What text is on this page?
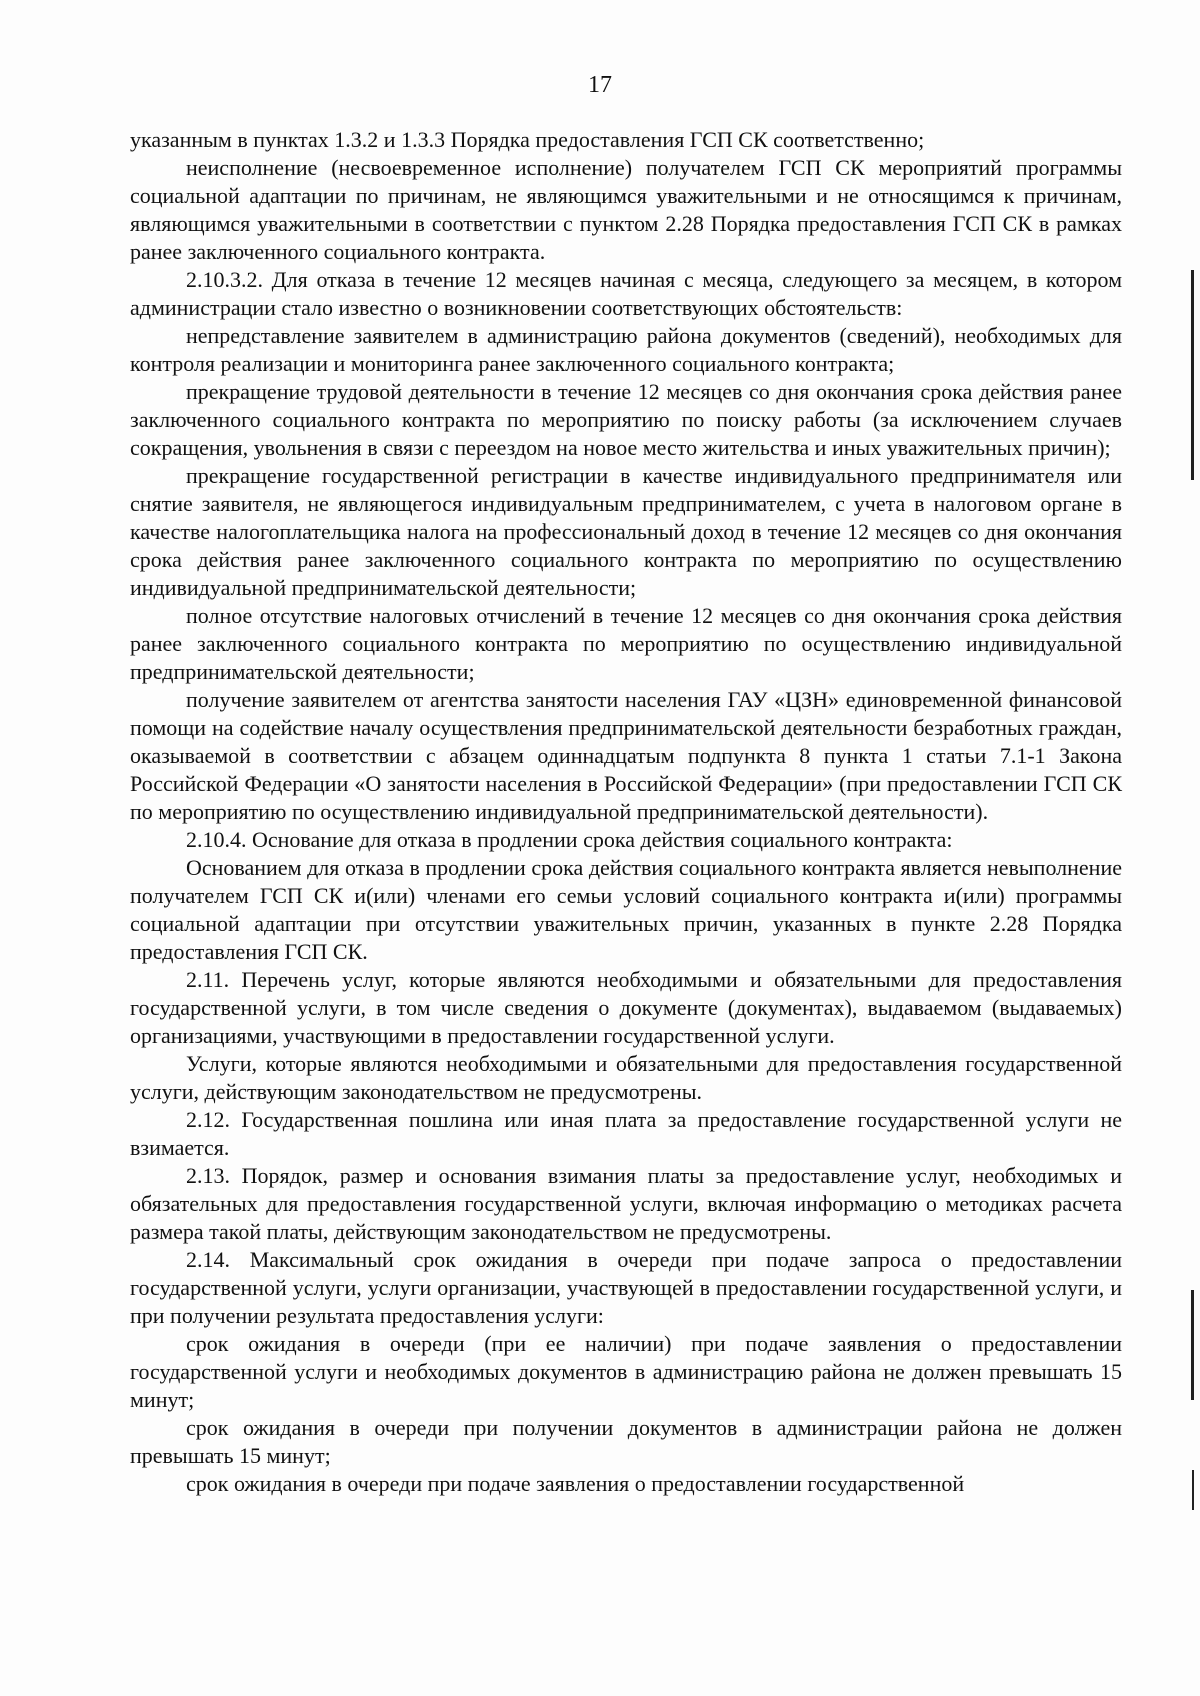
17

указанным в пунктах 1.3.2 и 1.3.3 Порядка предоставления ГСП СК соответственно;

неисполнение (несвоевременное исполнение) получателем ГСП СК мероприятий программы социальной адаптации по причинам, не являющимся уважительными и не относящимся к причинам, являющимся уважительными в соответствии с пунктом 2.28 Порядка предоставления ГСП СК в рамках ранее заключенного социального контракта.

2.10.3.2. Для отказа в течение 12 месяцев начиная с месяца, следующего за месяцем, в котором администрации стало известно о возникновении соответствующих обстоятельств:

непредставление заявителем в администрацию района документов (сведений), необходимых для контроля реализации и мониторинга ранее заключенного социального контракта;

прекращение трудовой деятельности в течение 12 месяцев со дня окончания срока действия ранее заключенного социального контракта по мероприятию по поиску работы (за исключением случаев сокращения, увольнения в связи с переездом на новое место жительства и иных уважительных причин);

прекращение государственной регистрации в качестве индивидуального предпринимателя или снятие заявителя, не являющегося индивидуальным предпринимателем, с учета в налоговом органе в качестве налогоплательщика налога на профессиональный доход в течение 12 месяцев со дня окончания срока действия ранее заключенного социального контракта по мероприятию по осуществлению индивидуальной предпринимательской деятельности;

полное отсутствие налоговых отчислений в течение 12 месяцев со дня окончания срока действия ранее заключенного социального контракта по мероприятию по осуществлению индивидуальной предпринимательской деятельности;

получение заявителем от агентства занятости населения ГАУ «ЦЗН» единовременной финансовой помощи на содействие началу осуществления предпринимательской деятельности безработных граждан, оказываемой в соответствии с абзацем одиннадцатым подпункта 8 пункта 1 статьи 7.1-1 Закона Российской Федерации «О занятости населения в Российской Федерации» (при предоставлении ГСП СК по мероприятию по осуществлению индивидуальной предпринимательской деятельности).

2.10.4. Основание для отказа в продлении срока действия социального контракта:

Основанием для отказа в продлении срока действия социального контракта является невыполнение получателем ГСП СК и(или) членами его семьи условий социального контракта и(или) программы социальной адаптации при отсутствии уважительных причин, указанных в пункте 2.28 Порядка предоставления ГСП СК.

2.11. Перечень услуг, которые являются необходимыми и обязательными для предоставления государственной услуги, в том числе сведения о документе (документах), выдаваемом (выдаваемых) организациями, участвующими в предоставлении государственной услуги.

Услуги, которые являются необходимыми и обязательными для предоставления государственной услуги, действующим законодательством не предусмотрены.

2.12. Государственная пошлина или иная плата за предоставление государственной услуги не взимается.

2.13. Порядок, размер и основания взимания платы за предоставление услуг, необходимых и обязательных для предоставления государственной услуги, включая информацию о методиках расчета размера такой платы, действующим законодательством не предусмотрены.

2.14. Максимальный срок ожидания в очереди при подаче запроса о предоставлении государственной услуги, услуги организации, участвующей в предоставлении государственной услуги, и при получении результата предоставления услуги:

срок ожидания в очереди (при ее наличии) при подаче заявления о предоставлении государственной услуги и необходимых документов в администрацию района не должен превышать 15 минут;

срок ожидания в очереди при получении документов в администрации района не должен превышать 15 минут;

срок ожидания в очереди при подаче заявления о предоставлении государственной
